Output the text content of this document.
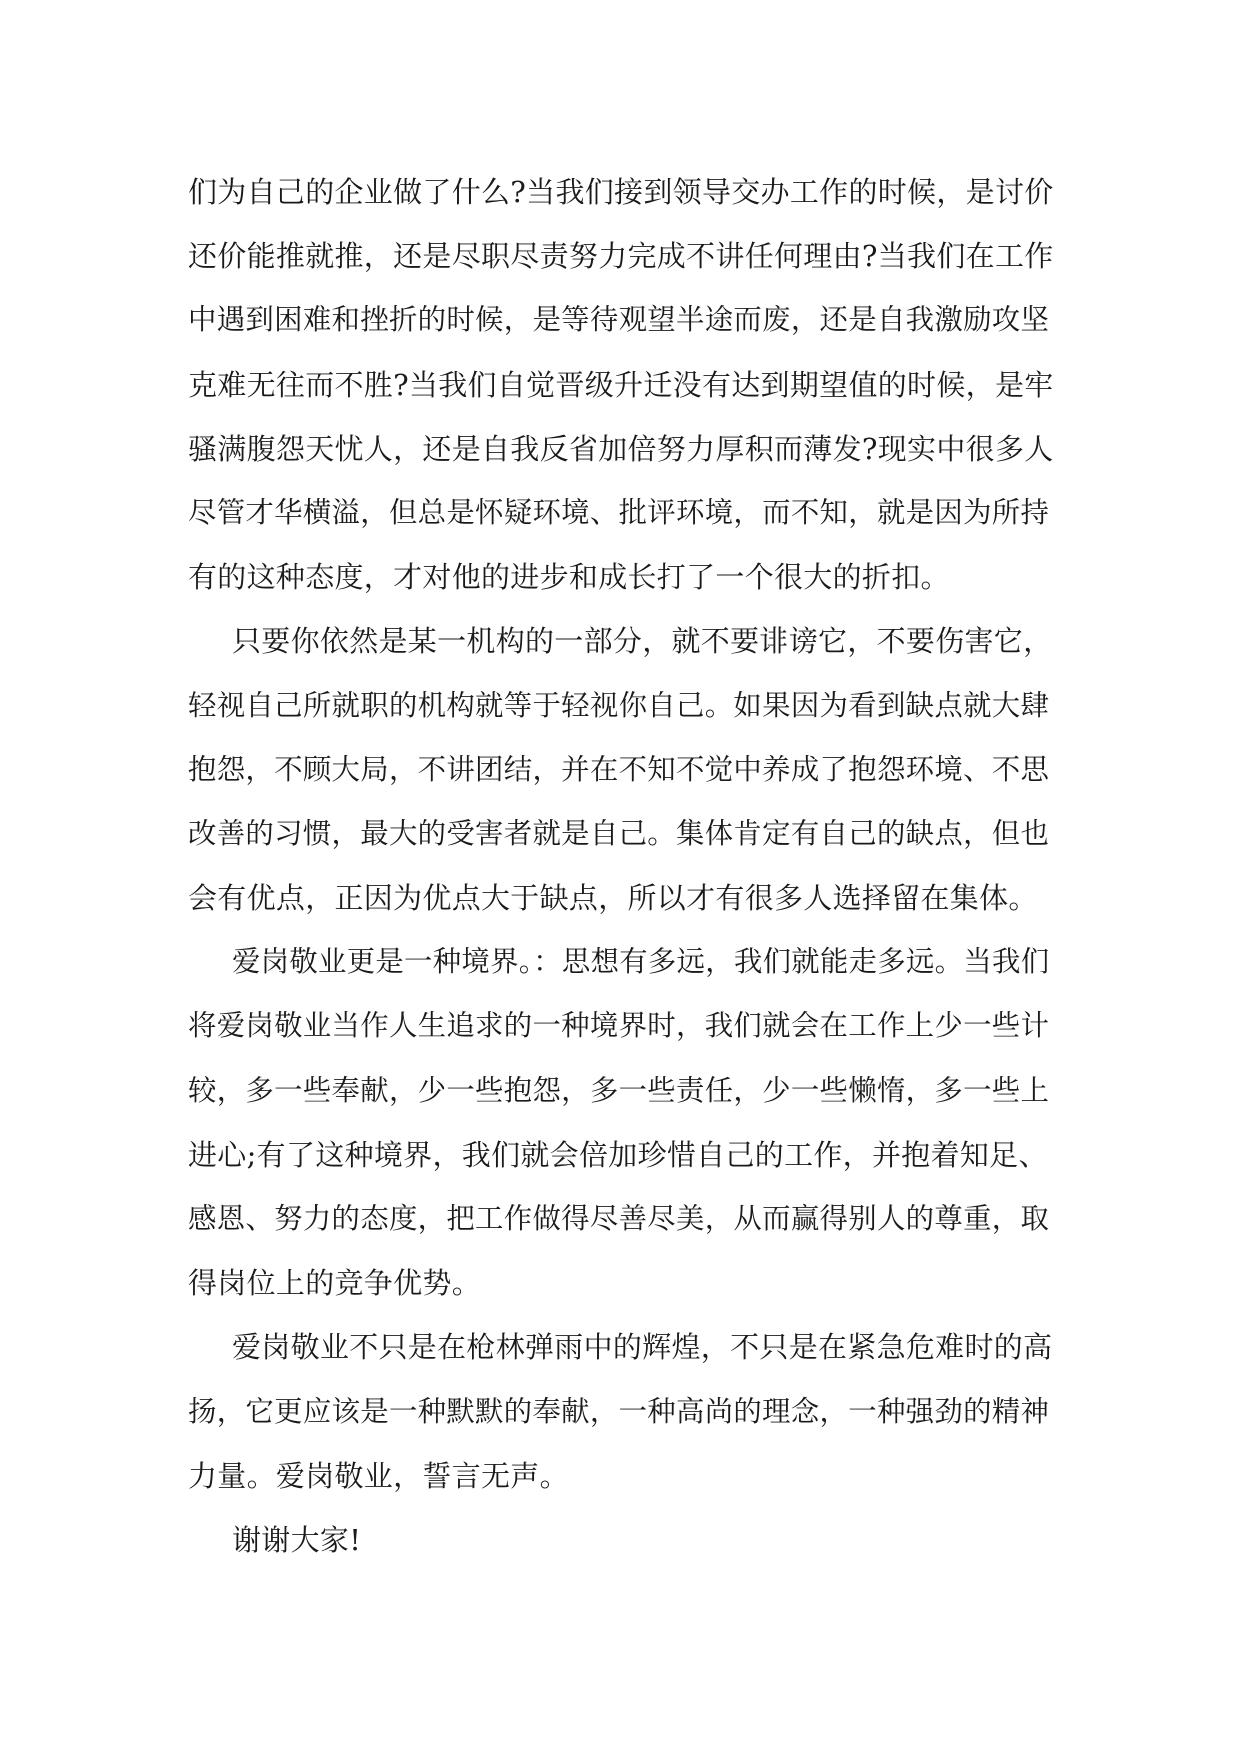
们为自己的企业做了什么?当我们接到领导交办工作的时候，是讨价
还价能推就推，还是尽职尽责努力完成不讲任何理由?当我们在工作
中遇到困难和挫折的时候，是等待观望半途而废，还是自我激励攻坚
克难无往而不胜?当我们自觉晋级升迁没有达到期望值的时候，是牢
骚满腹怨天忧人，还是自我反省加倍努力厚积而薄发?现实中很多人
尽管才华横溢，但总是怀疑环境、批评环境，而不知，就是因为所持
有的这种态度，才对他的进步和成长打了一个很大的折扣。
只要你依然是某一机构的一部分，就不要诽谤它，不要伤害它，
轻视自己所就职的机构就等于轻视你自己。如果因为看到缺点就大肆
抱怨，不顾大局，不讲团结，并在不知不觉中养成了抱怨环境、不思
改善的习惯，最大的受害者就是自己。集体肯定有自己的缺点，但也
会有优点，正因为优点大于缺点，所以才有很多人选择留在集体。
爱岗敬业更是一种境界。：思想有多远，我们就能走多远。当我们
将爱岗敬业当作人生追求的一种境界时，我们就会在工作上少一些计
较，多一些奉献，少一些抱怨，多一些责任，少一些懒惰，多一些上
进心;有了这种境界，我们就会倍加珍惜自己的工作，并抱着知足、
感恩、努力的态度，把工作做得尽善尽美，从而赢得别人的尊重，取
得岗位上的竞争优势。
爱岗敬业不只是在枪林弹雨中的辉煌，不只是在紧急危难时的高
扬，它更应该是一种默默的奉献，一种高尚的理念，一种强劲的精神
力量。爱岗敬业，誓言无声。
谢谢大家!
